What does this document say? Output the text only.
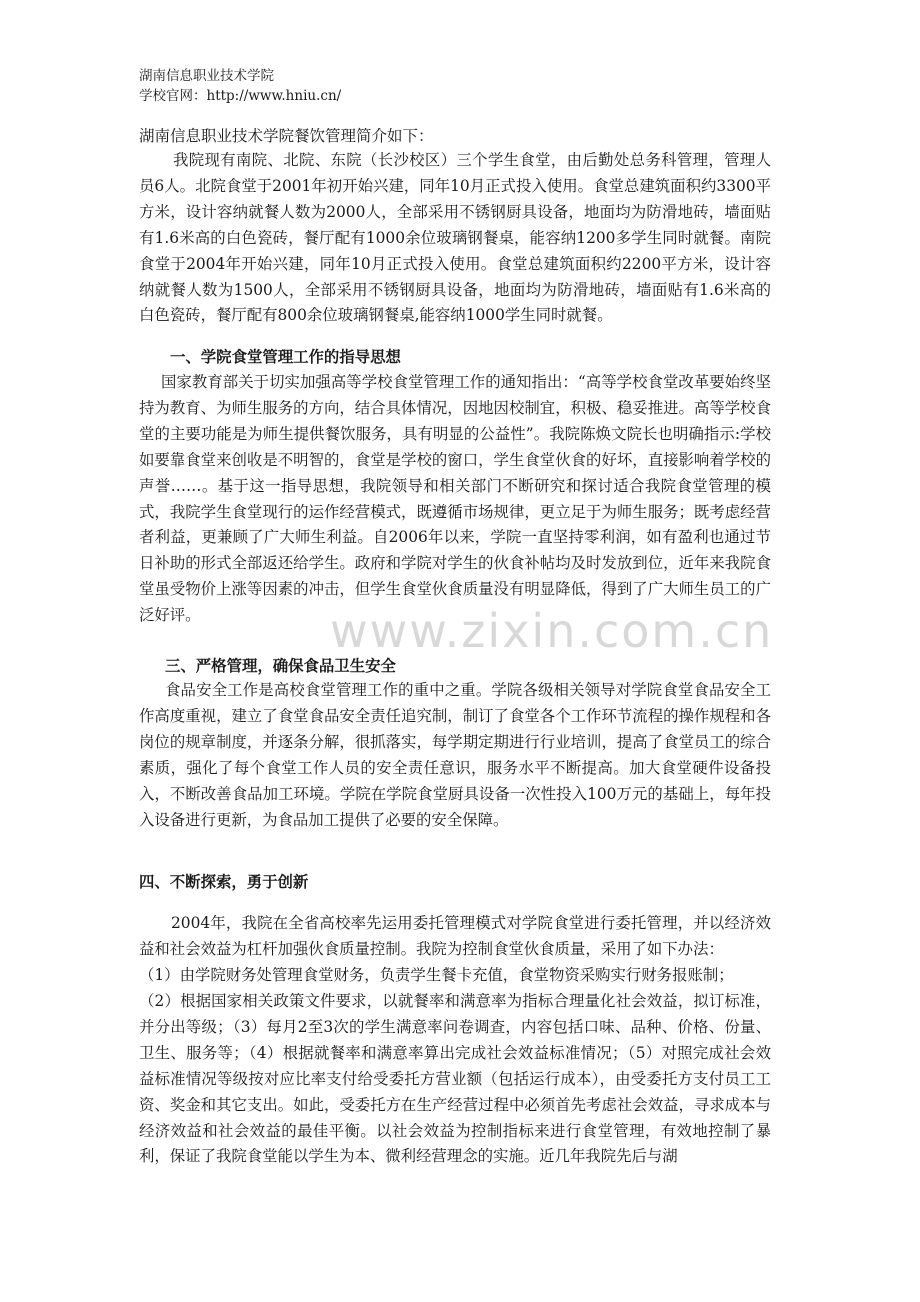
www.zixin.com.cn
湖南信息职业技术学院
学校官网：http://www.hniu.cn/
湖南信息职业技术学院餐饮管理简介如下：
我院现有南院、北院、东院（长沙校区）三个学生食堂，由后勤处总务科管理，管理人员6人。北院食堂于2001年初开始兴建，同年10月正式投入使用。食堂总建筑面积约3300平方米，设计容纳就餐人数为2000人，全部采用不锈钢厨具设备，地面均为防滑地砖，墙面贴有1.6米高的白色瓷砖，餐厅配有1000余位玻璃钢餐桌，能容纳1200多学生同时就餐。南院食堂于2004年开始兴建，同年10月正式投入使用。食堂总建筑面积约2200平方米，设计容纳就餐人数为1500人，全部采用不锈钢厨具设备，地面均为防滑地砖，墙面贴有1.6米高的白色瓷砖，餐厅配有800余位玻璃钢餐桌,能容纳1000学生同时就餐。
一、学院食堂管理工作的指导思想
国家教育部关于切实加强高等学校食堂管理工作的通知指出：“高等学校食堂改革要始终坚持为教育、为师生服务的方向，结合具体情况，因地因校制宜，积极、稳妥推进。高等学校食堂的主要功能是为师生提供餐饮服务，具有明显的公益性”。我院陈焕文院长也明确指示:学校如要靠食堂来创收是不明智的，食堂是学校的窗口，学生食堂伙食的好坏，直接影响着学校的声誉……。基于这一指导思想，我院领导和相关部门不断研究和探讨适合我院食堂管理的模式，我院学生食堂现行的运作经营模式，既遵循市场规律，更立足于为师生服务；既考虑经营者利益，更兼顾了广大师生利益。自2006年以来，学院一直坚持零利润，如有盈利也通过节日补助的形式全部返还给学生。政府和学院对学生的伙食补帖均及时发放到位，近年来我院食堂虽受物价上涨等因素的冲击，但学生食堂伙食质量没有明显降低，得到了广大师生员工的广泛好评。
三、严格管理，确保食品卫生安全
食品安全工作是高校食堂管理工作的重中之重。学院各级相关领导对学院食堂食品安全工作高度重视，建立了食堂食品安全责任追究制，制订了食堂各个工作环节流程的操作规程和各岗位的规章制度，并逐条分解，很抓落实，每学期定期进行行业培训，提高了食堂员工的综合素质，强化了每个食堂工作人员的安全责任意识，服务水平不断提高。加大食堂硬件设备投入，不断改善食品加工环境。学院在学院食堂厨具设备一次性投入100万元的基础上，每年投入设备进行更新，为食品加工提供了必要的安全保障。
四、不断探索，勇于创新
2004年，我院在全省高校率先运用委托管理模式对学院食堂进行委托管理，并以经济效益和社会效益为杠杆加强伙食质量控制。我院为控制食堂伙食质量，采用了如下办法：
（1）由学院财务处管理食堂财务，负责学生餐卡充值，食堂物资采购实行财务报账制；
（2）根据国家相关政策文件要求，以就餐率和满意率为指标合理量化社会效益，拟订标准，并分出等级；（3）每月2至3次的学生满意率问卷调查，内容包括口味、品种、价格、份量、卫生、服务等；（4）根据就餐率和满意率算出完成社会效益标准情况；（5）对照完成社会效益标准情况等级按对应比率支付给受委托方营业额（包括运行成本），由受委托方支付员工工资、奖金和其它支出。如此，受委托方在生产经营过程中必须首先考虑社会效益，寻求成本与经济效益和社会效益的最佳平衡。以社会效益为控制指标来进行食堂管理，有效地控制了暴利，保证了我院食堂能以学生为本、微利经营理念的实施。近几年我院先后与湖
